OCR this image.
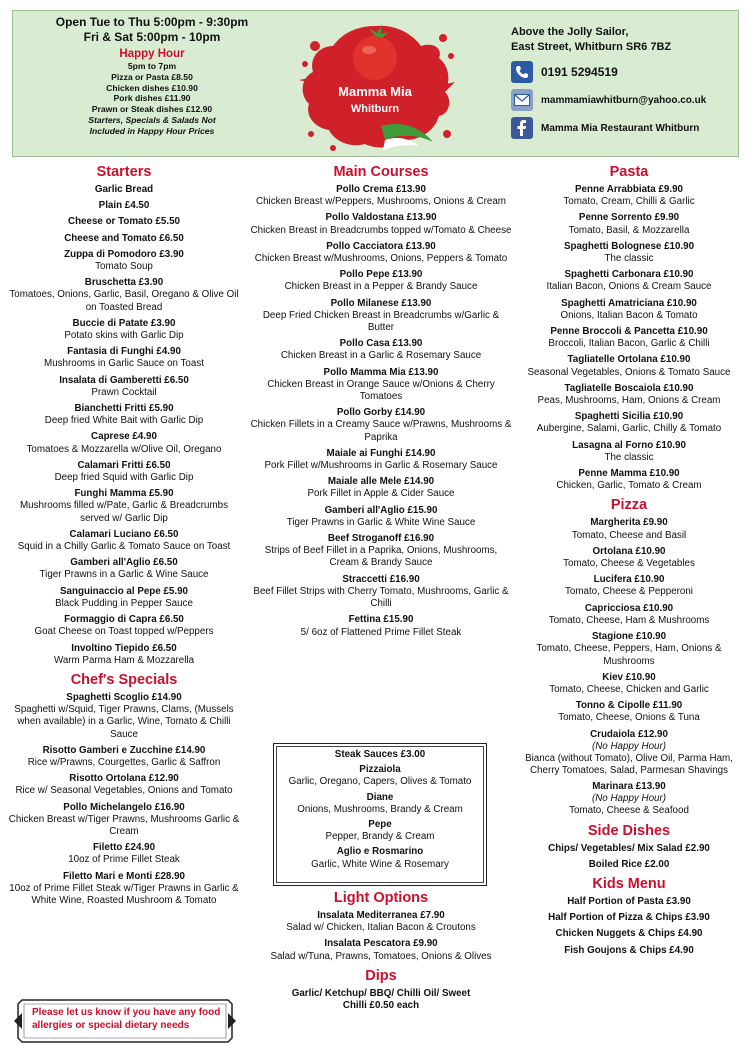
Open Tue to Thu 5:00pm - 9:30pm
Fri & Sat 5:00pm - 10pm
Happy Hour
5pm to 7pm
Pizza or Pasta £8.50
Chicken dishes £10.90
Pork dishes £11.90
Prawn or Steak dishes £12.90
Starters, Specials & Salads Not
Included in Happy Hour Prices
Mamma Mia
Whitburn
Above the Jolly Sailor,
East Street, Whitburn SR6 7BZ
0191 5294519
mammamiawhitburn@yahoo.co.uk
Mamma Mia Restaurant Whitburn
Starters
Garlic Bread
Plain £4.50
Cheese or Tomato £5.50
Cheese and Tomato £6.50
Zuppa di Pomodoro £3.90
Tomato Soup
Bruschetta £3.90
Tomatoes, Onions, Garlic, Basil, Oregano & Olive Oil on Toasted Bread
Buccie di Patate £3.90
Potato skins with Garlic Dip
Fantasia di Funghi £4.90
Mushrooms in Garlic Sauce on Toast
Insalata di Gamberetti £6.50
Prawn Cocktail
Bianchetti Fritti £5.90
Deep fried White Bait with Garlic Dip
Caprese £4.90
Tomatoes & Mozzarella w/Olive Oil, Oregano
Calamari Fritti £6.50
Deep fried Squid with Garlic Dip
Funghi Mamma £5.90
Mushrooms filled w/Pate, Garlic & Breadcrumbs served w/ Garlic Dip
Calamari Luciano £6.50
Squid in a Chilly Garlic & Tomato Sauce on Toast
Gamberi all'Aglio £6.50
Tiger Prawns in a Garlic & Wine Sauce
Sanguinaccio al Pepe £5.90
Black Pudding in Pepper Sauce
Formaggio di Capra £6.50
Goat Cheese on Toast topped w/Peppers
Involtino Tiepido £6.50
Warm Parma Ham & Mozzarella
Chef's Specials
Spaghetti Scoglio £14.90
Spaghetti w/Squid, Tiger Prawns, Clams, (Mussels when available) in a Garlic, Wine, Tomato & Chilli Sauce
Risotto Gamberi e Zucchine £14.90
Rice w/Prawns, Courgettes, Garlic & Saffron
Risotto Ortolana £12.90
Rice w/ Seasonal Vegetables, Onions and Tomato
Pollo Michelangelo £16.90
Chicken Breast w/Tiger Prawns, Mushrooms Garlic & Cream
Filetto £24.90
10oz of Prime Fillet Steak
Filetto Mari e Monti £28.90
10oz of Prime Fillet Steak w/Tiger Prawns in Garlic & White Wine, Roasted Mushroom & Tomato
Please let us know if you have any food allergies or special dietary needs
Main Courses
Pollo Crema £13.90
Chicken Breast w/Peppers, Mushrooms, Onions & Cream
Pollo Valdostana £13.90
Chicken Breast in Breadcrumbs topped w/Tomato & Cheese
Pollo Cacciatora £13.90
Chicken Breast w/Mushrooms, Onions, Peppers & Tomato
Pollo Pepe £13.90
Chicken Breast in a Pepper & Brandy Sauce
Pollo Milanese £13.90
Deep Fried Chicken Breast in Breadcrumbs w/Garlic & Butter
Pollo Casa £13.90
Chicken Breast in a Garlic & Rosemary Sauce
Pollo Mamma Mia £13.90
Chicken Breast in Orange Sauce w/Onions & Cherry Tomatoes
Pollo Gorby £14.90
Chicken Fillets in a Creamy Sauce w/Prawns, Mushrooms & Paprika
Maiale ai Funghi £14.90
Pork Fillet w/Mushrooms in Garlic & Rosemary Sauce
Maiale alle Mele £14.90
Pork Fillet in Apple & Cider Sauce
Gamberi all'Aglio £15.90
Tiger Prawns in Garlic & White Wine Sauce
Beef Stroganoff £16.90
Strips of Beef Fillet in a Paprika, Onions, Mushrooms, Cream & Brandy Sauce
Straccetti £16.90
Beef Fillet Strips with Cherry Tomato, Mushrooms, Garlic & Chilli
Fettina £15.90
5/ 6oz of Flattened Prime Fillet Steak
Steak Sauces £3.00
Pizzaiola
Garlic, Oregano, Capers, Olives & Tomato
Diane
Onions, Mushrooms, Brandy & Cream
Pepe
Pepper, Brandy & Cream
Aglio e Rosmarino
Garlic, White Wine & Rosemary
Light Options
Insalata Mediterranea £7.90
Salad w/ Chicken, Italian Bacon & Croutons
Insalata Pescatora £9.90
Salad w/Tuna, Prawns, Tomatoes, Onions & Olives
Dips
Garlic/ Ketchup/ BBQ/ Chilli Oil/ Sweet Chilli £0.50 each
Pasta
Penne Arrabbiata £9.90
Tomato, Cream, Chilli & Garlic
Penne Sorrento £9.90
Tomato, Basil, & Mozzarella
Spaghetti Bolognese £10.90
The classic
Spaghetti Carbonara £10.90
Italian Bacon, Onions & Cream Sauce
Spaghetti Amatriciana £10.90
Onions, Italian Bacon & Tomato
Penne Broccoli & Pancetta £10.90
Broccoli, Italian Bacon, Garlic & Chilli
Tagliatelle Ortolana £10.90
Seasonal Vegetables, Onions & Tomato Sauce
Tagliatelle Boscaiola £10.90
Peas, Mushrooms, Ham, Onions & Cream
Spaghetti Sicilia £10.90
Aubergine, Salami, Garlic, Chilly & Tomato
Lasagna al Forno £10.90
The classic
Penne Mamma £10.90
Chicken, Garlic, Tomato & Cream
Pizza
Margherita £9.90
Tomato, Cheese and Basil
Ortolana £10.90
Tomato, Cheese & Vegetables
Lucifera £10.90
Tomato, Cheese & Pepperoni
Capricciosa £10.90
Tomato, Cheese, Ham & Mushrooms
Stagione £10.90
Tomato, Cheese, Peppers, Ham, Onions & Mushrooms
Kiev £10.90
Tomato, Cheese, Chicken and Garlic
Tonno & Cipolle £11.90
Tomato, Cheese, Onions & Tuna
Crudaiola £12.90
(No Happy Hour)
Bianca (without Tomato), Olive Oil, Parma Ham, Cherry Tomatoes, Salad, Parmesan Shavings
Marinara £13.90
(No Happy Hour)
Tomato, Cheese & Seafood
Side Dishes
Chips/ Vegetables/ Mix Salad £2.90
Boiled Rice £2.00
Kids Menu
Half Portion of Pasta £3.90
Half Portion of Pizza & Chips £3.90
Chicken Nuggets & Chips £4.90
Fish Goujons & Chips £4.90
